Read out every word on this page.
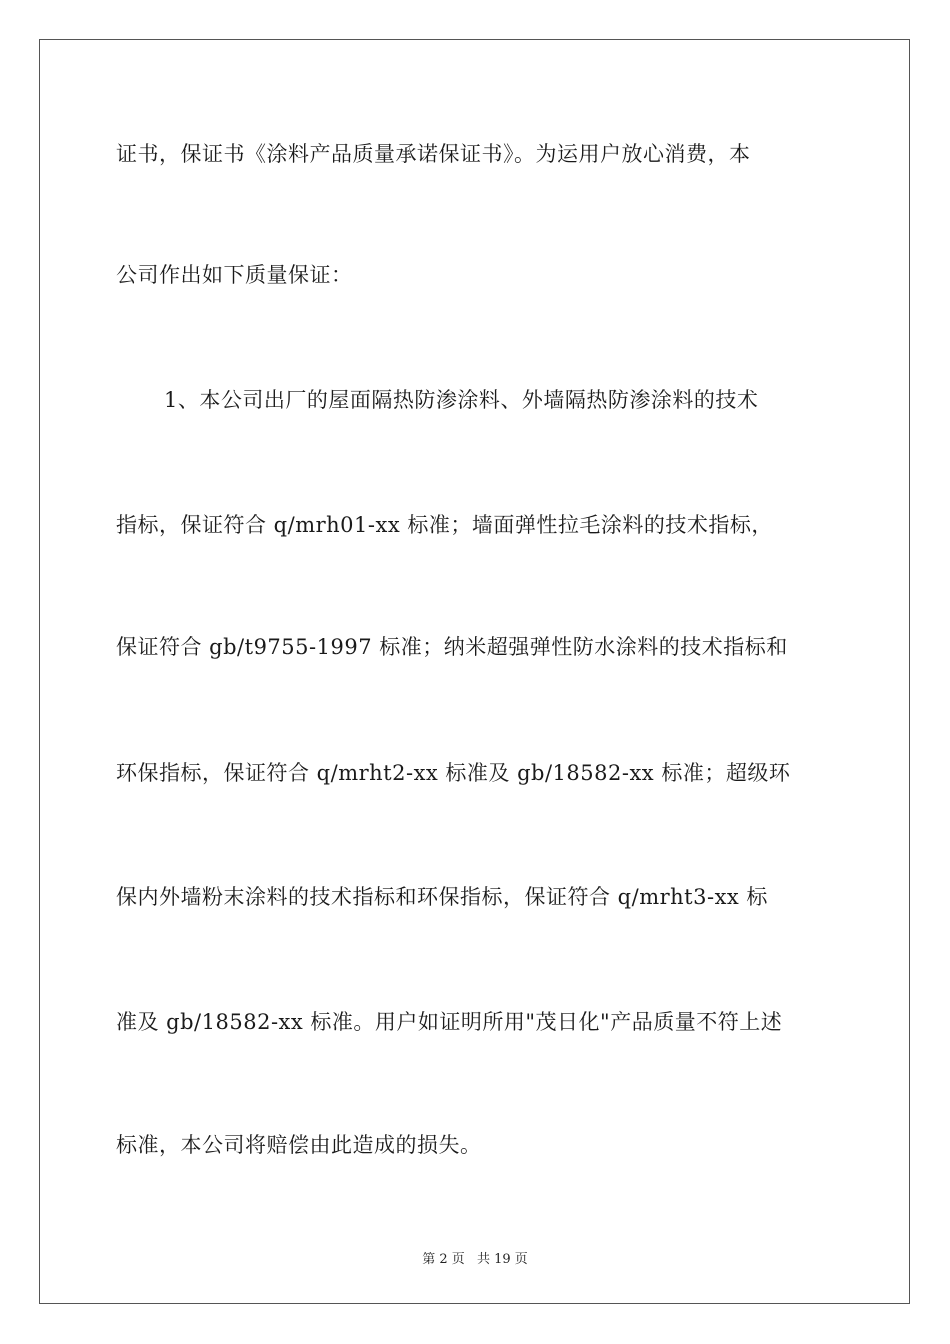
证书，保证书《涂料产品质量承诺保证书》。为运用户放心消费，本
公司作出如下质量保证：
1、本公司出厂的屋面隔热防渗涂料、外墙隔热防渗涂料的技术
指标，保证符合 q/mrh01-xx 标准；墙面弹性拉毛涂料的技术指标，
保证符合 gb/t9755-1997 标准；纳米超强弹性防水涂料的技术指标和
环保指标，保证符合 q/mrht2-xx 标准及 gb/18582-xx 标准；超级环
保内外墙粉末涂料的技术指标和环保指标，保证符合 q/mrht3-xx 标
准及 gb/18582-xx 标准。用户如证明所用"茂日化"产品质量不符上述
标准，本公司将赔偿由此造成的损失。
第 2 页 共 19 页
